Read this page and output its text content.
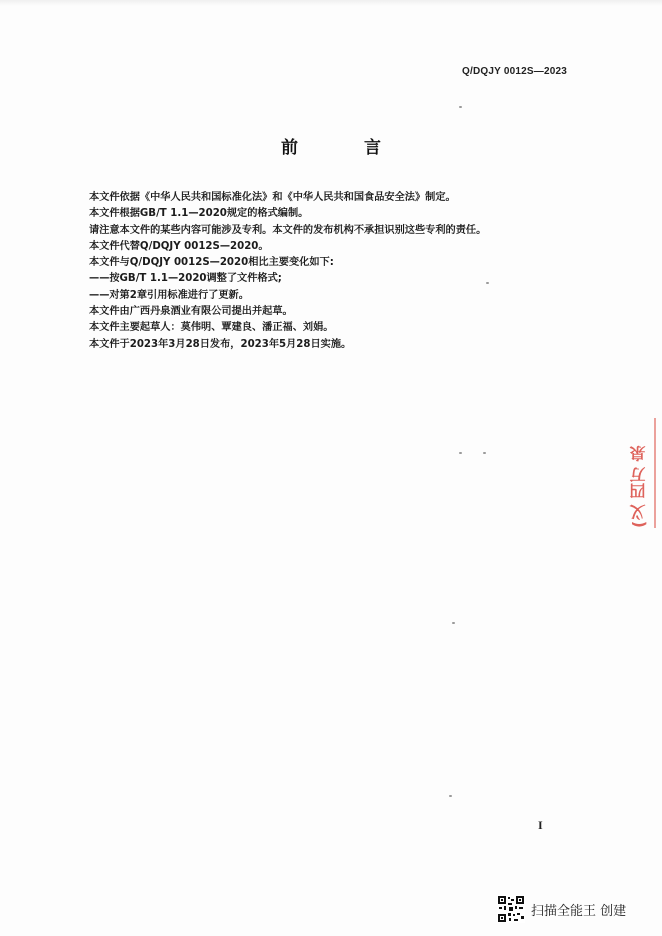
Q/DQJY 0012S—2023
前 言
本文件依据《中华人民共和国标准化法》和《中华人民共和国食品安全法》制定。
本文件根据GB/T 1.1—2020规定的格式编制。
请注意本文件的某些内容可能涉及专利。本文件的发布机构不承担识别这些专利的责任。
本文件代替Q/DQJY 0012S—2020。
本文件与Q/DQJY 0012S—2020相比主要变化如下:
——按GB/T 1.1—2020调整了文件格式;
——对第2章引用标准进行了更新。
本文件由广西丹泉酒业有限公司提出并起草。
本文件主要起草人：莫伟明、覃建良、潘正福、刘娟。
本文件于2023年3月28日发布，2023年5月28日实施。
(义 四万 泉
I
扫描全能王 创建
